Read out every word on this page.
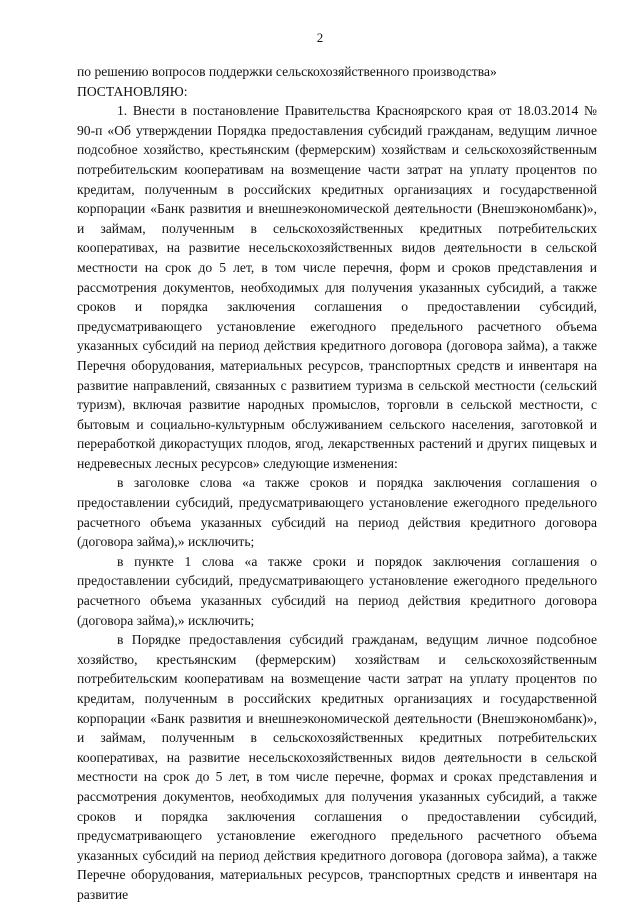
2

по решению вопросов поддержки сельскохозяйственного производства»

ПОСТАНОВЛЯЮ:

1. Внести в постановление Правительства Красноярского края от 18.03.2014 № 90-п «Об утверждении Порядка предоставления субсидий гражданам, ведущим личное подсобное хозяйство, крестьянским (фермерским) хозяйствам и сельскохозяйственным потребительским кооперативам на возмещение части затрат на уплату процентов по кредитам, полученным в российских кредитных организациях и государственной корпорации «Банк развития и внешнеэкономической деятельности (Внешэкономбанк)», и займам, полученным в сельскохозяйственных кредитных потребительских кооперативах, на развитие несельскохозяйственных видов деятельности в сельской местности на срок до 5 лет, в том числе перечня, форм и сроков представления и рассмотрения документов, необходимых для получения указанных субсидий, а также сроков и порядка заключения соглашения о предоставлении субсидий, предусматривающего установление ежегодного предельного расчетного объема указанных субсидий на период действия кредитного договора (договора займа), а также Перечня оборудования, материальных ресурсов, транспортных средств и инвентаря на развитие направлений, связанных с развитием туризма в сельской местности (сельский туризм), включая развитие народных промыслов, торговли в сельской местности, с бытовым и социально-культурным обслуживанием сельского населения, заготовкой и переработкой дикорастущих плодов, ягод, лекарственных растений и других пищевых и недревесных лесных ресурсов» следующие изменения:

в заголовке слова «а также сроков и порядка заключения соглашения о предоставлении субсидий, предусматривающего установление ежегодного предельного расчетного объема указанных субсидий на период действия кредитного договора (договора займа),» исключить;

в пункте 1 слова «а также сроки и порядок заключения соглашения о предоставлении субсидий, предусматривающего установление ежегодного предельного расчетного объема указанных субсидий на период действия кредитного договора (договора займа),» исключить;

в Порядке предоставления субсидий гражданам, ведущим личное подсобное хозяйство, крестьянским (фермерским) хозяйствам и сельскохозяйственным потребительским кооперативам на возмещение части затрат на уплату процентов по кредитам, полученным в российских кредитных организациях и государственной корпорации «Банк развития и внешнеэкономической деятельности (Внешэкономбанк)», и займам, полученным в сельскохозяйственных кредитных потребительских кооперативах, на развитие несельскохозяйственных видов деятельности в сельской местности на срок до 5 лет, в том числе перечне, формах и сроках представления и рассмотрения документов, необходимых для получения указанных субсидий, а также сроков и порядка заключения соглашения о предоставлении субсидий, предусматривающего установление ежегодного предельного расчетного объема указанных субсидий на период действия кредитного договора (договора займа), а также Перечне оборудования, материальных ресурсов, транспортных средств и инвентаря на развитие
